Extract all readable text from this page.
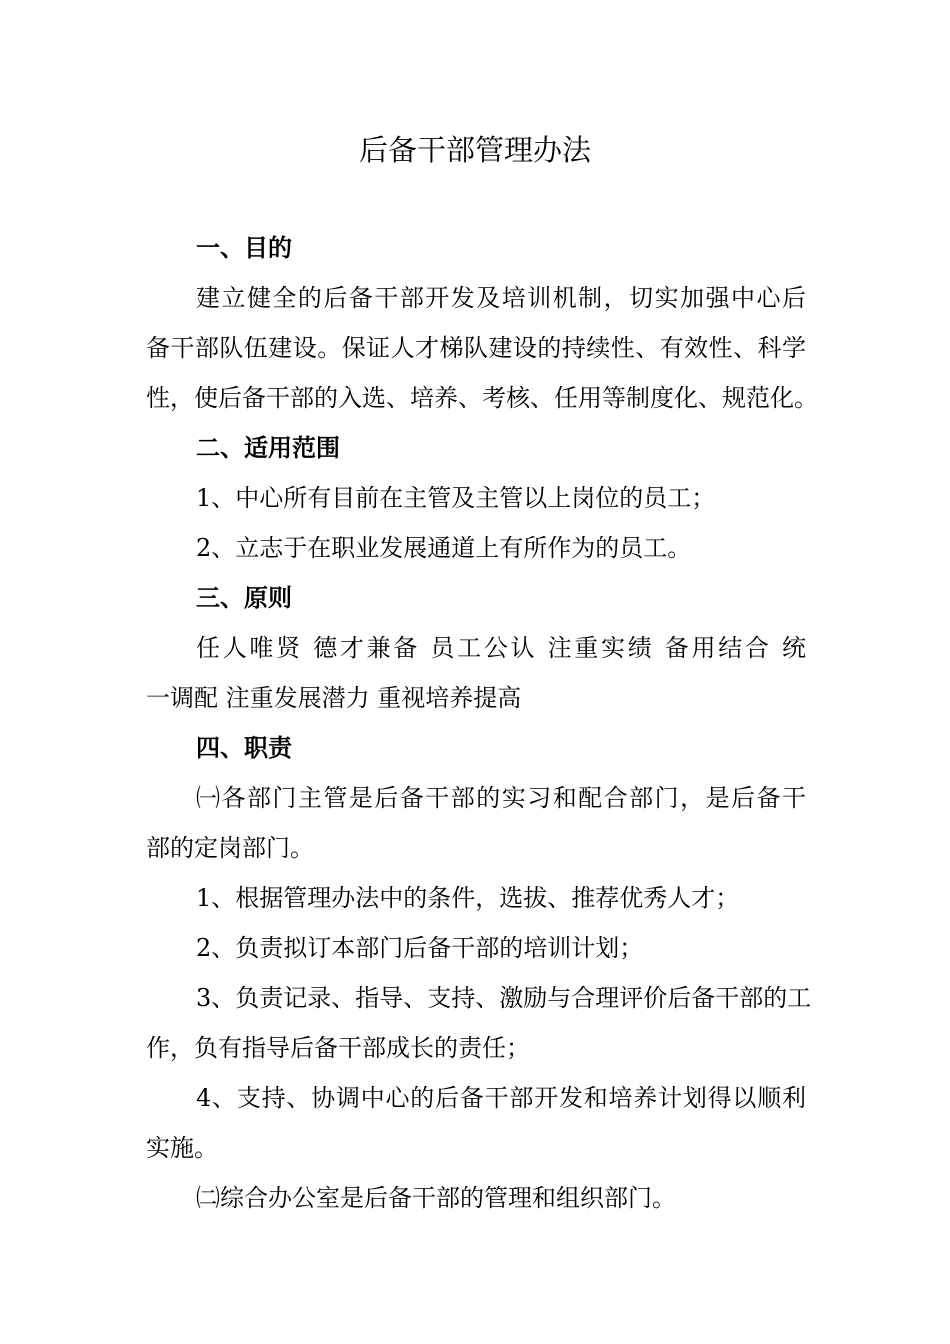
后备干部管理办法
一、目的
建立健全的后备干部开发及培训机制，切实加强中心后
备干部队伍建设。保证人才梯队建设的持续性、有效性、科学
性，使后备干部的入选、培养、考核、任用等制度化、规范化。
二、适用范围
1、中心所有目前在主管及主管以上岗位的员工；
2、立志于在职业发展通道上有所作为的员工。
三、原则
任人唯贤 德才兼备 员工公认 注重实绩 备用结合 统
一调配 注重发展潜力 重视培养提高
四、职责
㈠各部门主管是后备干部的实习和配合部门，是后备干
部的定岗部门。
1、根据管理办法中的条件，选拔、推荐优秀人才；
2、负责拟订本部门后备干部的培训计划；
3、负责记录、指导、支持、激励与合理评价后备干部的工
作，负有指导后备干部成长的责任；
4、支持、协调中心的后备干部开发和培养计划得以顺利
实施。
㈡综合办公室是后备干部的管理和组织部门。
